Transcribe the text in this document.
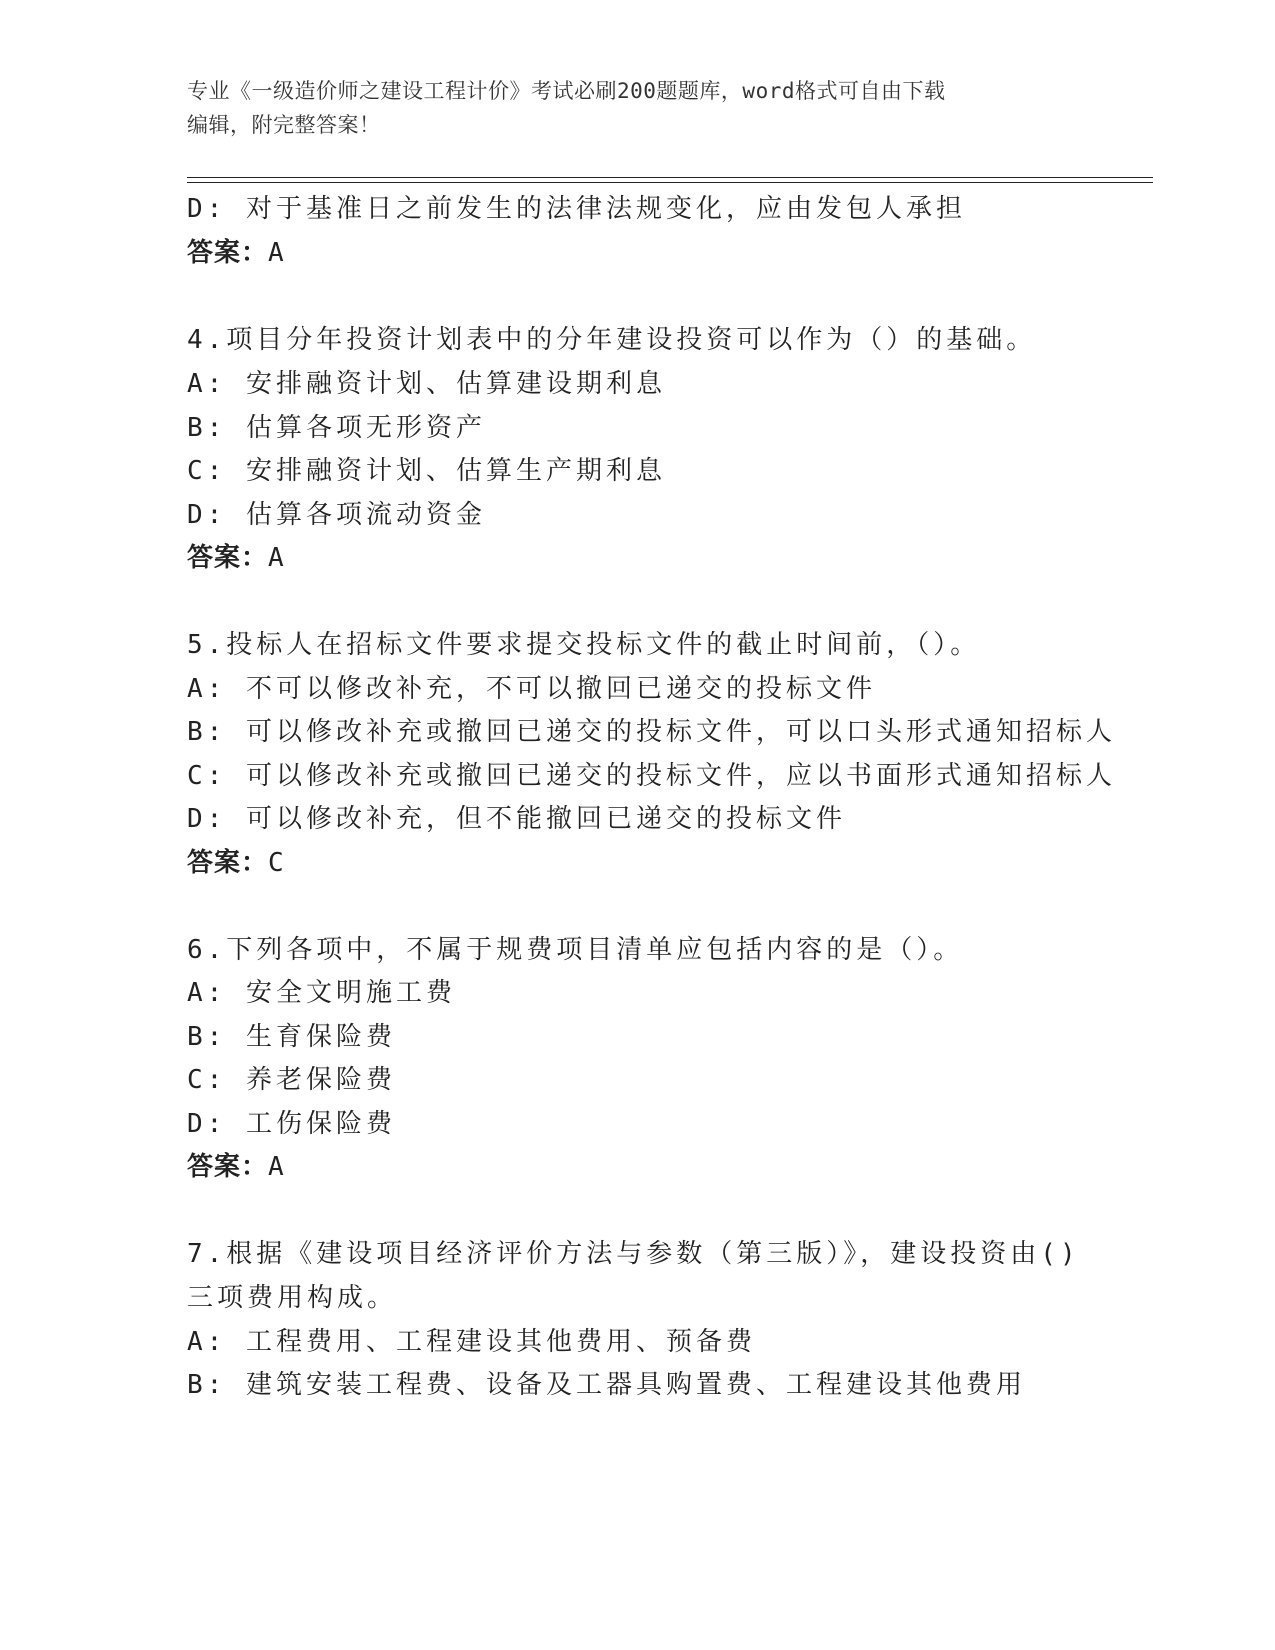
专业《一级造价师之建设工程计价》考试必刷200题题库，word格式可自由下载
编辑，附完整答案！
D: 对于基准日之前发生的法律法规变化，应由发包人承担
答案：A
4.项目分年投资计划表中的分年建设投资可以作为（）的基础。
A: 安排融资计划、估算建设期利息
B: 估算各项无形资产
C: 安排融资计划、估算生产期利息
D: 估算各项流动资金
答案：A
5.投标人在招标文件要求提交投标文件的截止时间前，（）。
A: 不可以修改补充，不可以撤回已递交的投标文件
B: 可以修改补充或撤回已递交的投标文件，可以口头形式通知招标人
C: 可以修改补充或撤回已递交的投标文件，应以书面形式通知招标人
D: 可以修改补充，但不能撤回已递交的投标文件
答案：C
6.下列各项中，不属于规费项目清单应包括内容的是（）。
A: 安全文明施工费
B: 生育保险费
C: 养老保险费
D: 工伤保险费
答案：A
7.根据《建设项目经济评价方法与参数（第三版）》，建设投资由()
三项费用构成。
A: 工程费用、工程建设其他费用、预备费
B: 建筑安装工程费、设备及工器具购置费、工程建设其他费用
